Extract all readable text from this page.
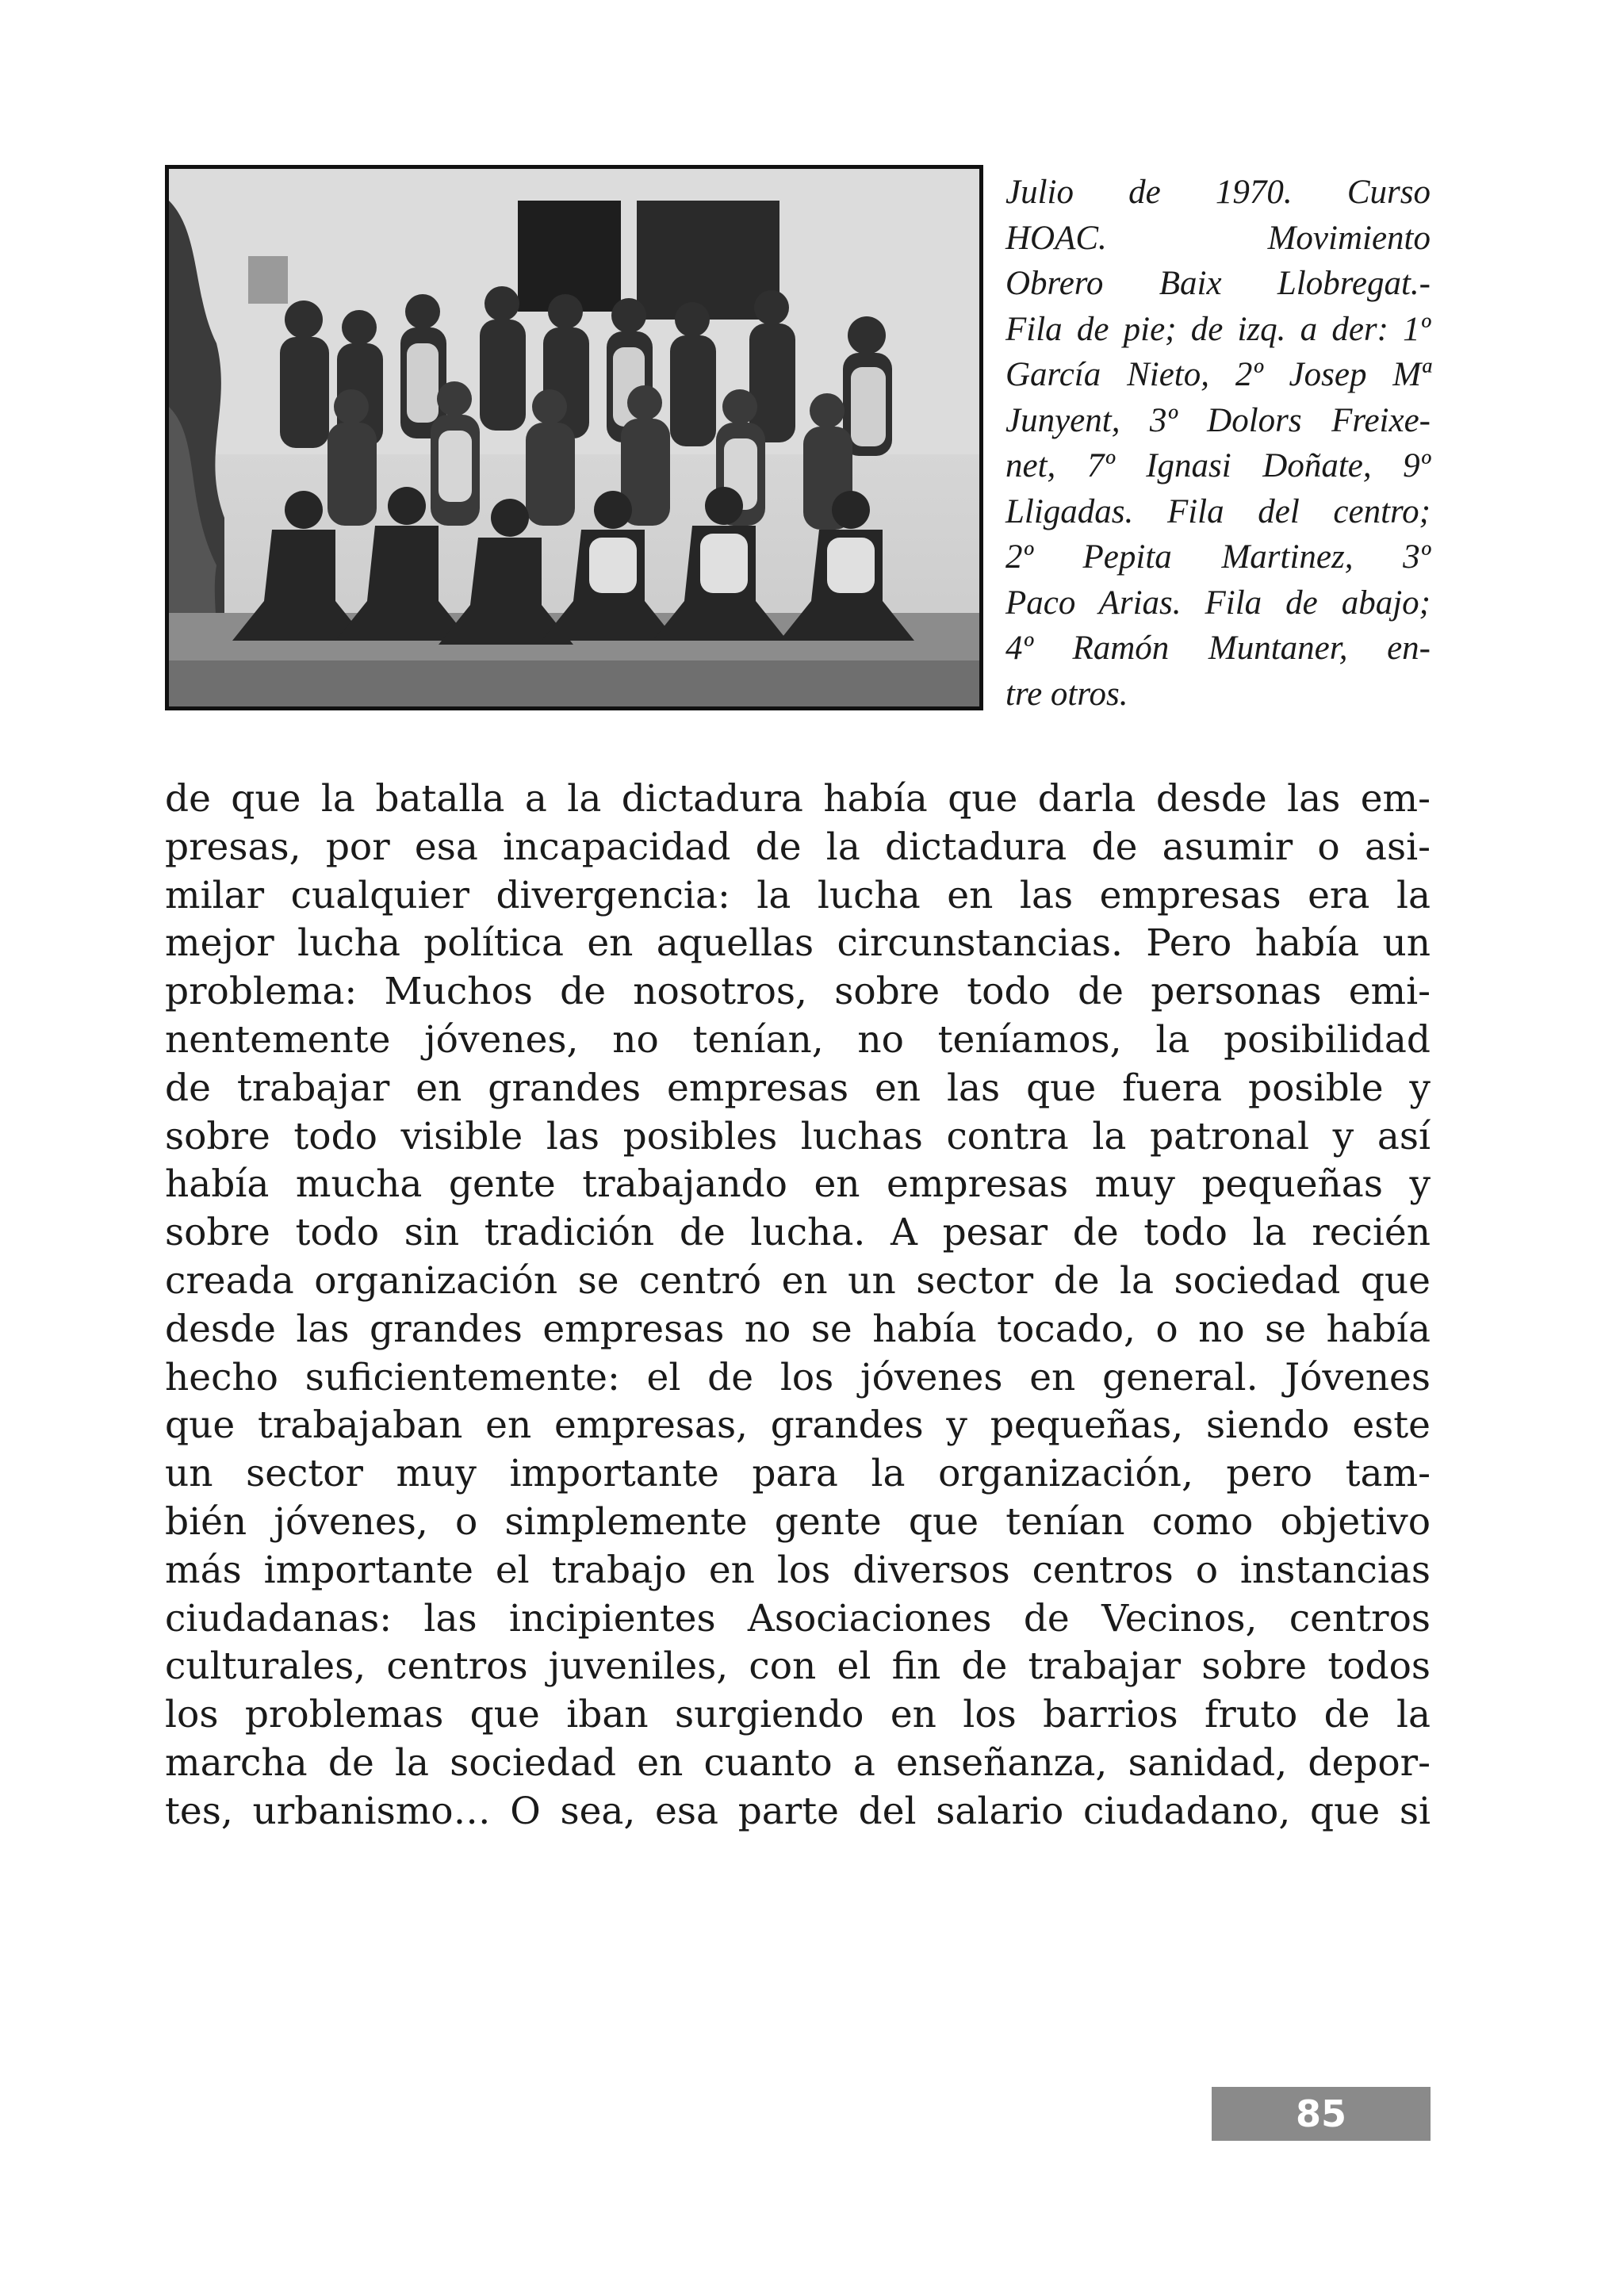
Julio de 1970. Curso
HOAC. Movimiento
Obrero Baix Llobregat.-
Fila de pie; de izq. a der: 1º
García Nieto, 2º Josep Mª
Junyent, 3º Dolors Freixe-
net, 7º Ignasi Doñate, 9º
Lligadas. Fila del centro;
2º Pepita Martinez, 3º
Paco Arias. Fila de abajo;
4º Ramón Muntaner, en-
tre otros.
de que la batalla a la dictadura había que darla desde las em-
presas, por esa incapacidad de la dictadura de asumir o asi-
milar cualquier divergencia: la lucha en las empresas era la
mejor lucha política en aquellas circunstancias. Pero había un
problema: Muchos de nosotros, sobre todo de personas emi-
nentemente jóvenes, no tenían, no teníamos, la posibilidad
de trabajar en grandes empresas en las que fuera posible y
sobre todo visible las posibles luchas contra la patronal y así
había mucha gente trabajando en empresas muy pequeñas y
sobre todo sin tradición de lucha. A pesar de todo la recién
creada organización se centró en un sector de la sociedad que
desde las grandes empresas no se había tocado, o no se había
hecho suficientemente: el de los jóvenes en general. Jóvenes
que trabajaban en empresas, grandes y pequeñas, siendo este
un sector muy importante para la organización, pero tam-
bién jóvenes, o simplemente gente que tenían como objetivo
más importante el trabajo en los diversos centros o instancias
ciudadanas: las incipientes Asociaciones de Vecinos, centros
culturales, centros juveniles, con el fin de trabajar sobre todos
los problemas que iban surgiendo en los barrios fruto de la
marcha de la sociedad en cuanto a enseñanza, sanidad, depor-
tes, urbanismo… O sea, esa parte del salario ciudadano, que si
85
